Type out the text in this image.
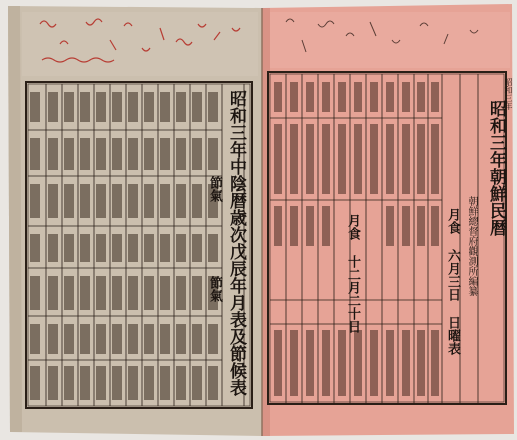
昭和三年中陰暦歳次戊辰年月表及節候表
節氣
節氣
昭和三年朝鮮民暦
朝鮮總督府觀測所編纂
昭和三年
月食 六月三日
月食 十二月二十日
日曜表
